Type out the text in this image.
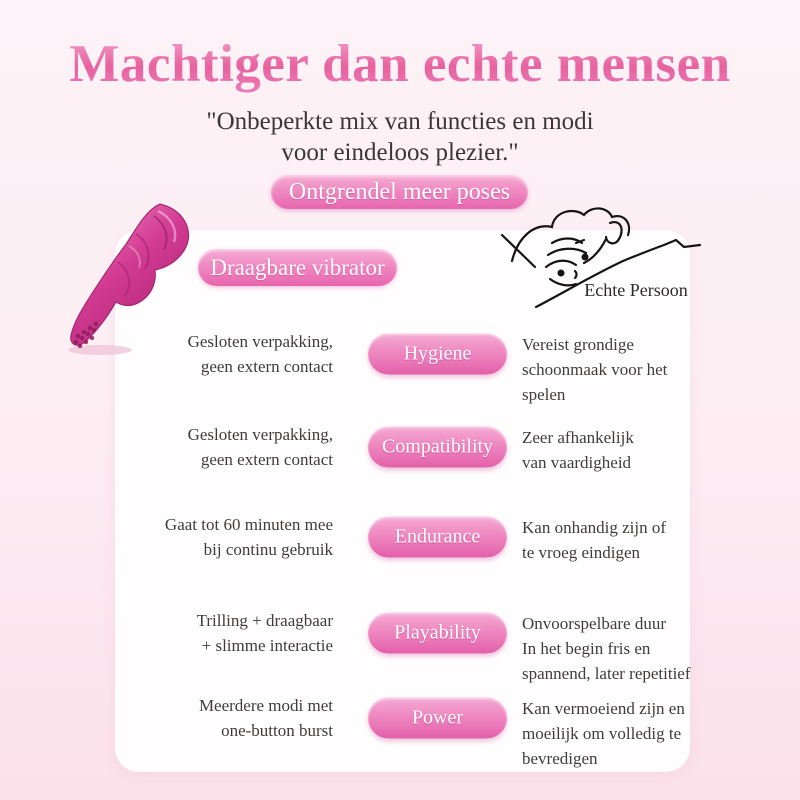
Machtiger dan echte mensen
"Onbeperkte mix van functies en modi
voor eindeloos plezier."
Ontgrendel meer poses
Draagbare vibrator
Echte Persoon
Gesloten verpakking,
geen extern contact
Hygiene	Vereist grondige
schoonmaak voor het
spelen
Gesloten verpakking,
geen extern contact
Compatibility Zeer afhankelijk
van vaardigheid
Gaat tot 60 minuten mee
bij continu gebruik
Endurance Kan onhandig zijn of
te vroeg eindigen
Trilling + draagbaar
+ slimme interactie
Playability Onvoorspelbare duur
In het begin fris en
spannend, later repetitief
Meerdere modi met
one-button burst
Power	Kan vermoeiend zijn en
moeilijk om volledig te
bevredigen
